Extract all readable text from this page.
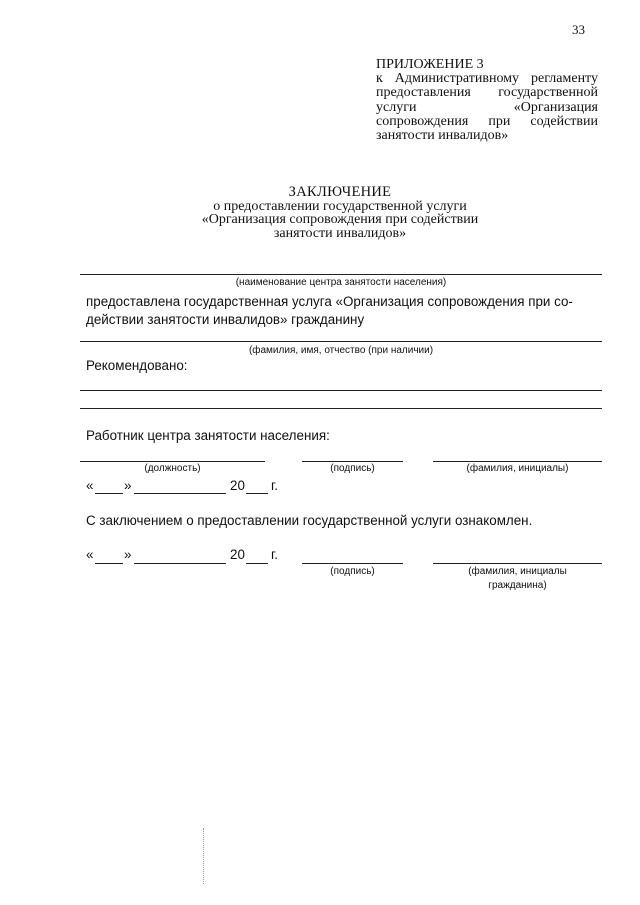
33
ПРИЛОЖЕНИЕ 3
к Административному регламенту предоставления государственной услуги «Организация сопровождения при содействии занятости инвалидов»
ЗАКЛЮЧЕНИЕ
о предоставлении государственной услуги
«Организация сопровождения при содействии
занятости инвалидов»
(наименование центра занятости населения)
предоставлена государственная услуга «Организация сопровождения при со-
действии занятости инвалидов» гражданину
(фамилия, имя, отчество (при наличии)
Рекомендовано:
Работник центра занятости населения:
(должность)	(подпись)	(фамилия, инициалы)
« »	20 г.
С заключением о предоставлении государственной услуги ознакомлен.
« »	20 г.
(подпись)	(фамилия, инициалы
гражданина)
